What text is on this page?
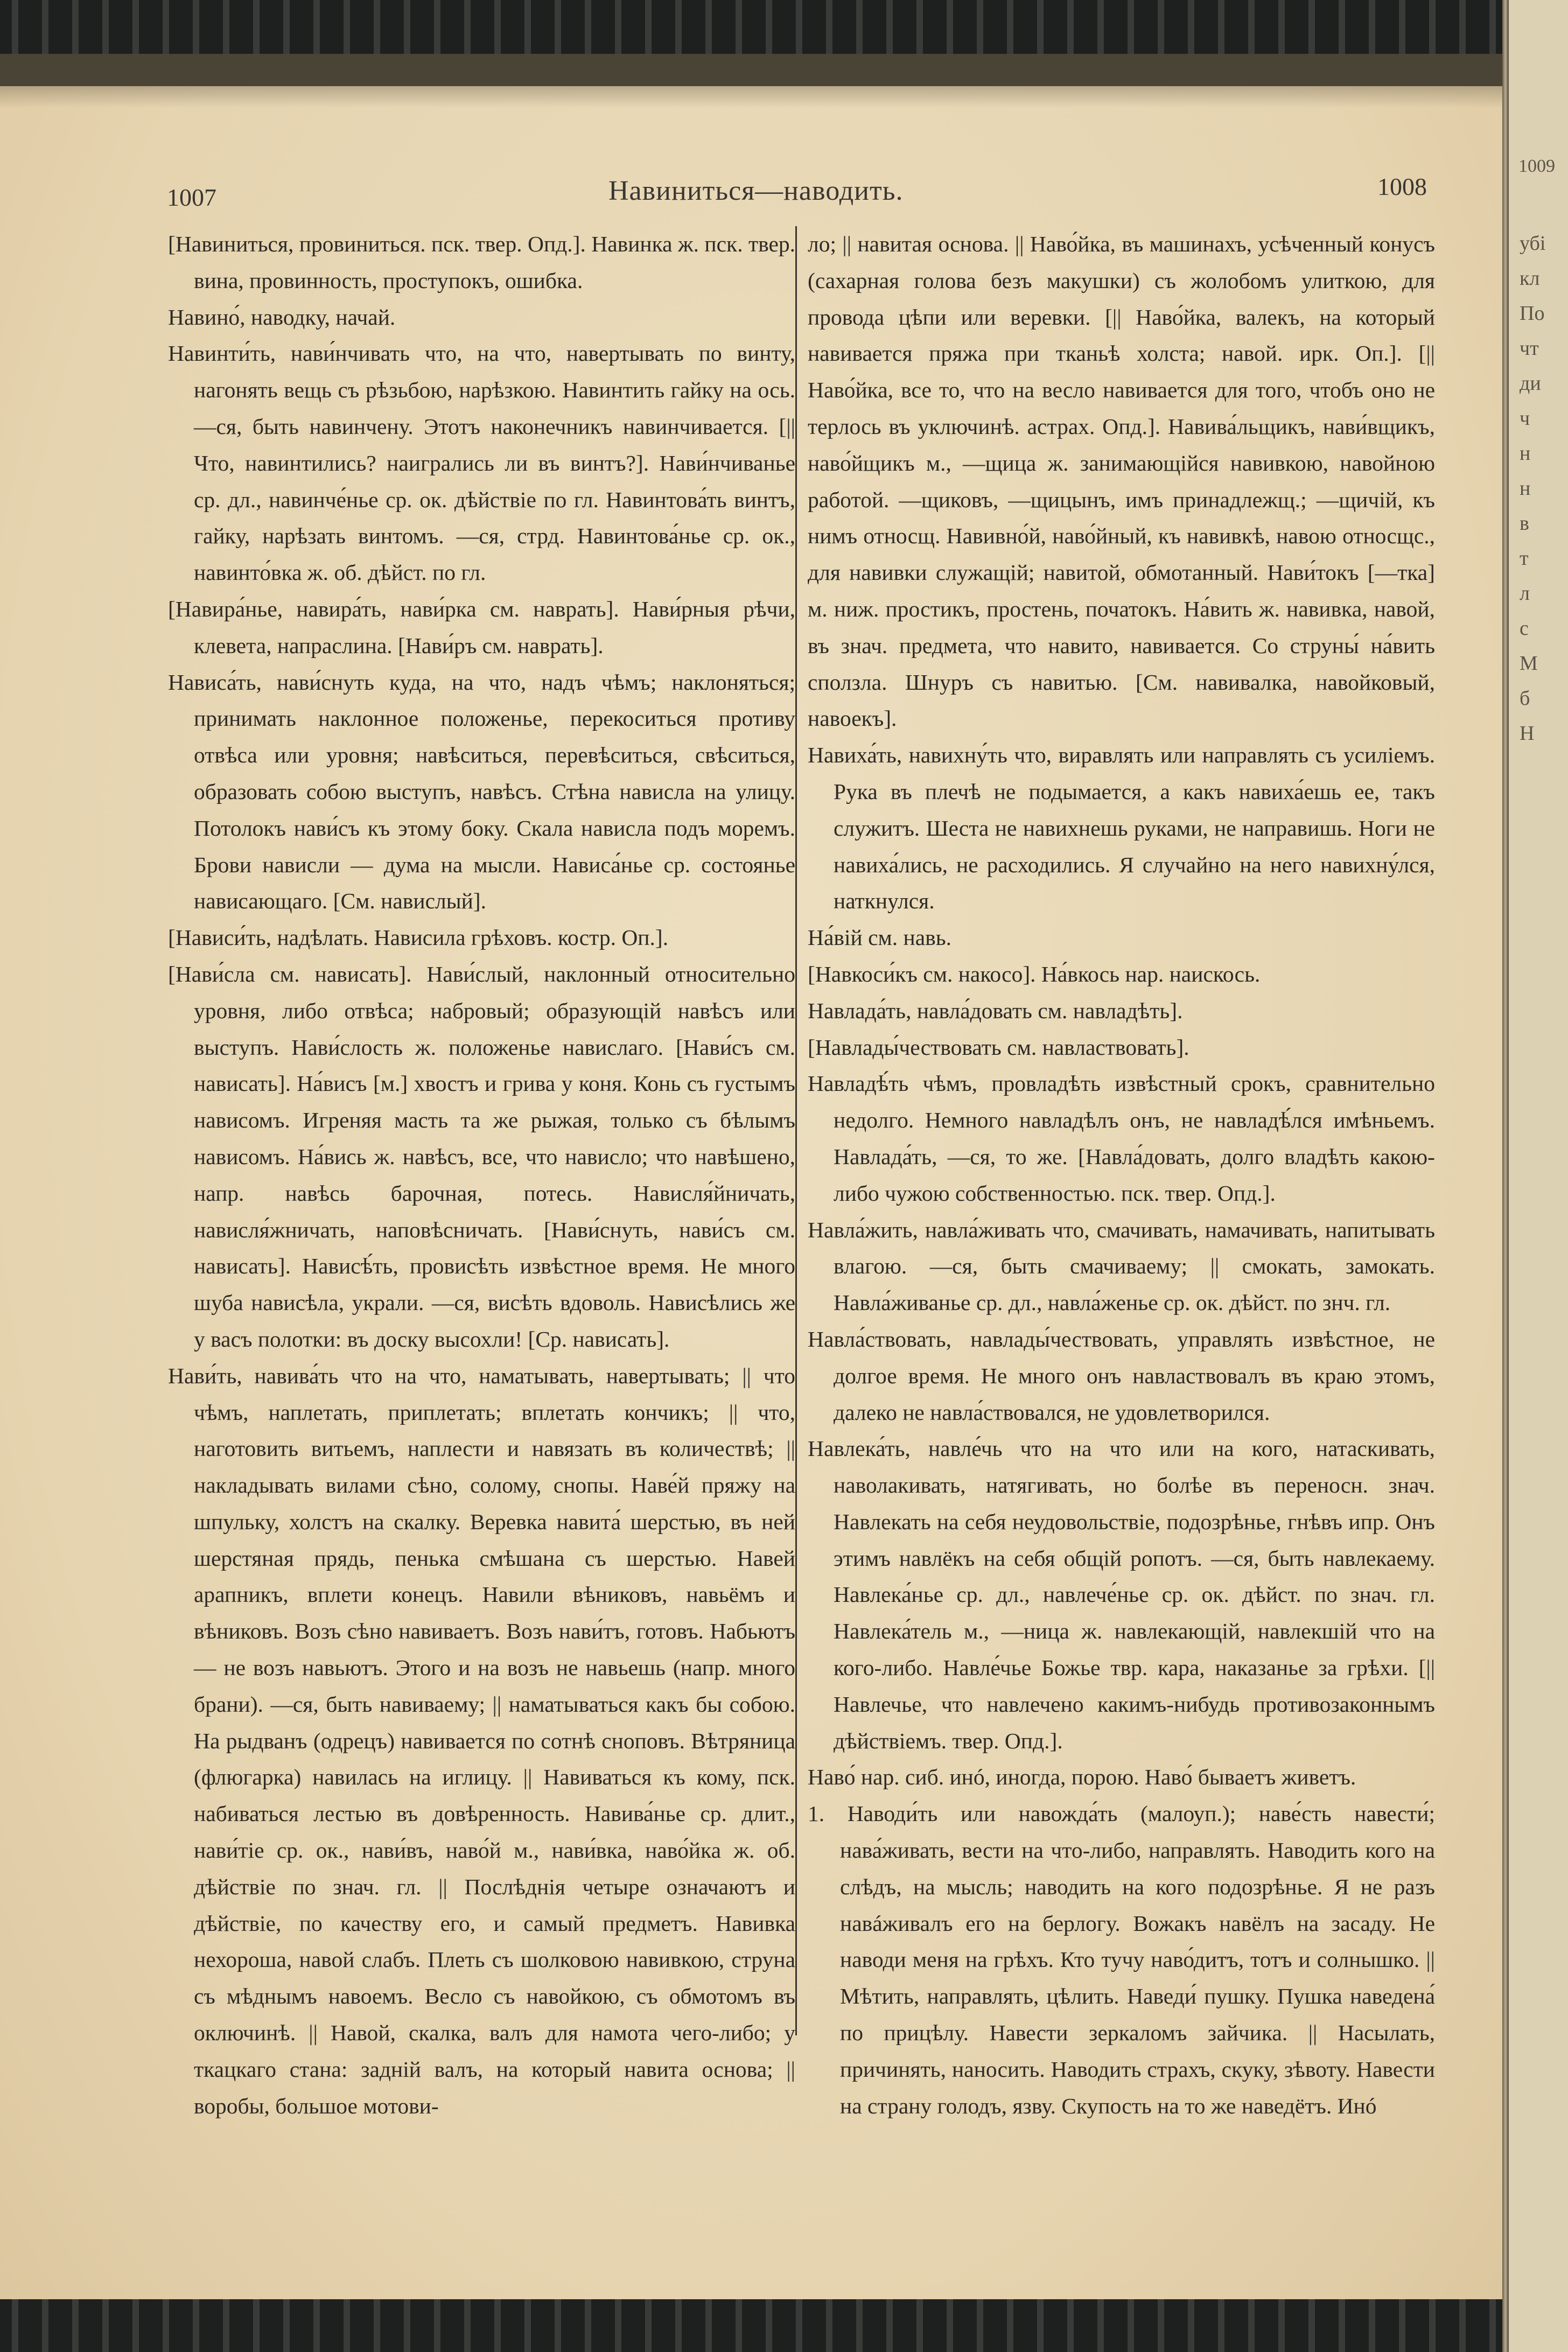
1009
убі
кл
По
чт
ди
ч
н
н
в
т
л
с
М
б
Н
1007	Навиниться—наводить.	1008

[Навиниться, провиниться. пск. твер. Опд.]. Навинка ж. пск. твер. вина, провинность, проступокъ, ошибка.

Навино́, наводку, начай.

Навинти́ть, нави́нчивать что, на что, навертывать по винту, нагонять вещь съ рѣзьбою, нарѣзкою. Навинтить гайку на ось. —ся, быть навинчену. Этотъ наконечникъ навинчивается. [|| Что, навинтились? наигрались ли въ винтъ?]. Нави́нчиванье ср. дл., навинче́нье ср. ок. дѣйствіе по гл. Навинтова́ть винтъ, гайку, нарѣзать винтомъ. —ся, стрд. Навинтова́нье ср. ок., навинто́вка ж. об. дѣйст. по гл.

[Навира́нье, навира́ть, нави́рка см. наврать]. Нави́рныя рѣчи, клевета, напраслина. [Нави́ръ см. наврать].

Нависа́ть, нави́снуть куда, на что, надъ чѣмъ; наклоняться; принимать наклонное положенье, перекоситься противу отвѣса или уровня; навѣситься, перевѣситься, свѣситься, образовать собою выступъ, навѣсъ. Стѣна нависла на улицу. Потолокъ нави́съ къ этому боку. Скала нависла подъ моремъ. Брови нависли — дума на мысли. Нависа́нье ср. состоянье нависающаго. [См. навислый].

[Нависи́ть, надѣлать. Нависила грѣховъ. костр. Оп.].

[Нави́сла см. нависать]. Нави́слый, наклонный относительно уровня, либо отвѣса; набровый; образующій навѣсъ или выступъ. Нави́слость ж. положенье навислаго. [Нави́съ см. нависать]. На́висъ [м.] хвостъ и грива у коня. Конь съ густымъ нависомъ. Игреняя масть та же рыжая, только съ бѣлымъ нависомъ. На́вись ж. навѣсъ, все, что нависло; что навѣшено, напр. навѣсь барочная, потесь. Нависля́йничать, нависля́жничать, наповѣсничать. [Нави́снуть, нави́съ см. нависать]. Нависѣ́ть, провисѣть извѣстное время. Не много шуба нависѣла, украли. —ся, висѣть вдоволь. Нависѣлись же у васъ полотки: въ доску высохли! [Ср. нависать].

Нави́ть, навива́ть что на что, наматывать, навертывать; || что чѣмъ, наплетать, приплетать; вплетать кончикъ; || что, наготовить витьемъ, наплести и навязать въ количествѣ; || накладывать вилами сѣно, солому, снопы. Наве́й пряжу на шпульку, холстъ на скалку. Веревка навита́ шерстью, въ ней шерстяная прядь, пенька смѣшана съ шерстью. Навей арапникъ, вплети конецъ. Навили вѣниковъ, навьёмъ и вѣниковъ. Возъ сѣно навиваетъ. Возъ нави́тъ, готовъ. Набьютъ — не возъ навьютъ. Этого и на возъ не навьешь (напр. много брани). —ся, быть навиваему; || наматываться какъ бы собою. На рыдванъ (одрецъ) навивается по сотнѣ сноповъ. Вѣтряница (флюгарка) навилась на иглицу. || Навиваться къ кому, пск. набиваться лестью въ довѣренность. Навива́нье ср. длит., нави́тіе ср. ок., нави́въ, наво́й м., нави́вка, наво́йка ж. об. дѣйствіе по знач. гл. || Послѣднія четыре означаютъ и дѣйствіе, по качеству его, и самый предметъ. Навивка нехороша, навой слабъ. Плеть съ шолковою навивкою, струна съ мѣднымъ навоемъ. Весло съ навойкою, съ обмотомъ въ оключинѣ. || Навой, скалка, валъ для намота чего-либо; у ткацкаго стана: задній валъ, на который навита основа; || воробы, большое мотови-

ло; || навитая основа. || Наво́йка, въ машинахъ, усѣченный конусъ (сахарная голова безъ макушки) съ жолобомъ улиткою, для провода цѣпи или веревки. [|| Наво́йка, валекъ, на который навивается пряжа при тканьѣ холста; навой. ирк. Оп.]. [|| Наво́йка, все то, что на весло навивается для того, чтобъ оно не терлось въ уключинѣ. астрах. Опд.]. Навива́льщикъ, нави́вщикъ, наво́йщикъ м., —щица ж. занимающійся навивкою, навойною работой. —щиковъ, —щицынъ, имъ принадлежщ.; —щичій, къ нимъ относщ. Навивно́й, наво́йный, къ навивкѣ, навою относщс., для навивки служащій; навитой, обмотанный. Нави́токъ [—тка] м. ниж. простикъ, простень, початокъ. На́вить ж. навивка, навой, въ знач. предмета, что навито, навивается. Со струны́ на́вить сползла. Шнуръ съ навитью. [См. навивалка, навойковый, навоекъ].

Навиха́ть, навихну́ть что, виравлять или направлять съ усиліемъ. Рука въ плечѣ не подымается, а какъ навиха́ешь ее, такъ служитъ. Шеста не навихнешь руками, не направишь. Ноги не навиха́лись, не расходились. Я случайно на него навихну́лся, наткнулся.

На́вій см. навь.

[Навкоси́къ см. накосо]. На́вкось нар. наискось.

Навлада́ть, навла́довать см. навладѣть].

[Навлады́чествовать см. навластвовать].

Навладѣ́ть чѣмъ, провладѣть извѣстный срокъ, сравнительно недолго. Немного навладѣлъ онъ, не навладѣ́лся имѣньемъ. Навлада́ть, —ся, то же. [Навла́довать, долго владѣть какою-либо чужою собственностью. пск. твер. Опд.].

Навла́жить, навла́живать что, смачивать, намачивать, напитывать влагою. —ся, быть смачиваему; || смокать, замокать. Навла́живанье ср. дл., навла́женье ср. ок. дѣйст. по знч. гл.

Навла́ствовать, навлады́чествовать, управлять извѣстное, не долгое время. Не много онъ навластвовалъ въ краю этомъ, далеко не навла́ствовался, не удовлетворился.

Навлека́ть, навле́чь что на что или на кого, натаскивать, наволакивать, натягивать, но болѣе въ переносн. знач. Навлекать на себя неудовольствіе, подозрѣнье, гнѣвъ ипр. Онъ этимъ навлёкъ на себя общій ропотъ. —ся, быть навлекаему. Навлека́нье ср. дл., навлече́нье ср. ок. дѣйст. по знач. гл. Навлека́тель м., —ница ж. навлекающій, навлекшій что на кого-либо. Навле́чье Божье твр. кара, наказанье за грѣхи. [|| Навлечье, что навлечено какимъ-нибудь противозаконнымъ дѣйствіемъ. твер. Опд.].

Наво́ нар. сиб. инó, иногда, порою. Наво́ бываетъ живетъ.

1. Наводи́ть или навожда́ть (малоуп.); наве́сть навести́; нава́живать, вести на что-либо, направлять. Наводить кого на слѣдъ, на мысль; наводить на кого подозрѣнье. Я не разъ навáживалъ его на берлогу. Вожакъ навёлъ на засаду. Не наводи меня на грѣхъ. Кто тучу наво́дитъ, тотъ и солнышко. || Мѣтить, направлять, цѣлить. Наведи́ пушку. Пушка наведена́ по прицѣлу. Навести зеркаломъ зайчика. || Насылать, причинять, наносить. Наводить страхъ, скуку, зѣвоту. Навести на страну голодъ, язву. Скупость на то же наведётъ. Инó
